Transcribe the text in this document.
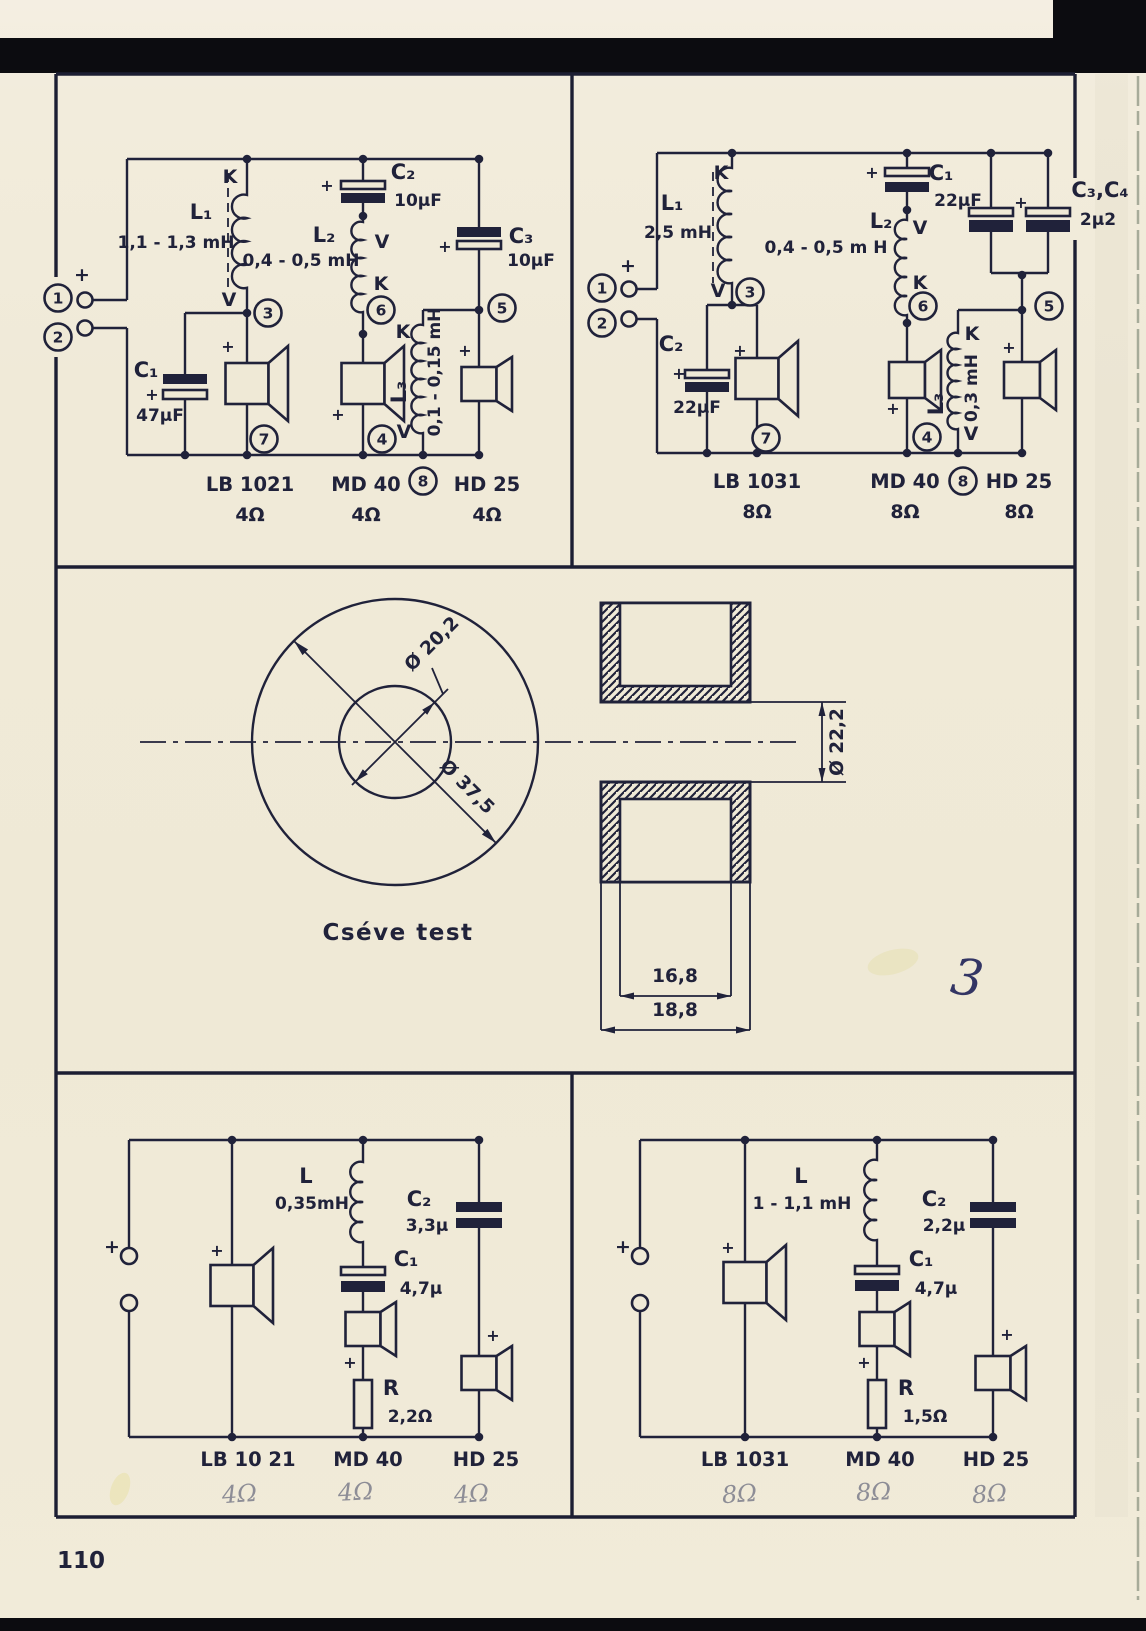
1
2
3	6	5
7	4
8
+
K
V
L₁
1,1 - 1,3 mH
C₁
+
47µF
+
C₂
+
10µF
L₂
0,4 - 0,5 mH
V
K
C₃
+
10µF
K
V
L₃ 0,1 - 0,15 mH
+
+
LB 1021 MD 40	HD 25
4Ω	4Ω	4Ω
1
2
3
6	5
7	4
8
+
K
V
L₁
2,5 mH
C₂
+
22µF
+
C₁
+
22µF
L₂
0,4 - 0,5 m H
V
K
C₃,C₄
+
2µ2
K
V
L₃ 0,3 mH
+
+
LB 1031	MD 40 HD 25
8Ω	8Ω	8Ω
Ø 20,2
Ø 37,5
Ø 22,2
16,8
18,8
Cséve test
3
+	+
L
0,35mH
C₁
4,7µ
C₂
3,3µ
+
R
2,2Ω
+
LB 10 21 MD 40	HD 25
4Ω	4Ω	4Ω
+	+
L
1 - 1,1 mH
C₁
4,7µ
C₂
2,2µ
+
R
1,5Ω
+
LB 1031	MD 40 HD 25
8Ω	8Ω	8Ω
110
